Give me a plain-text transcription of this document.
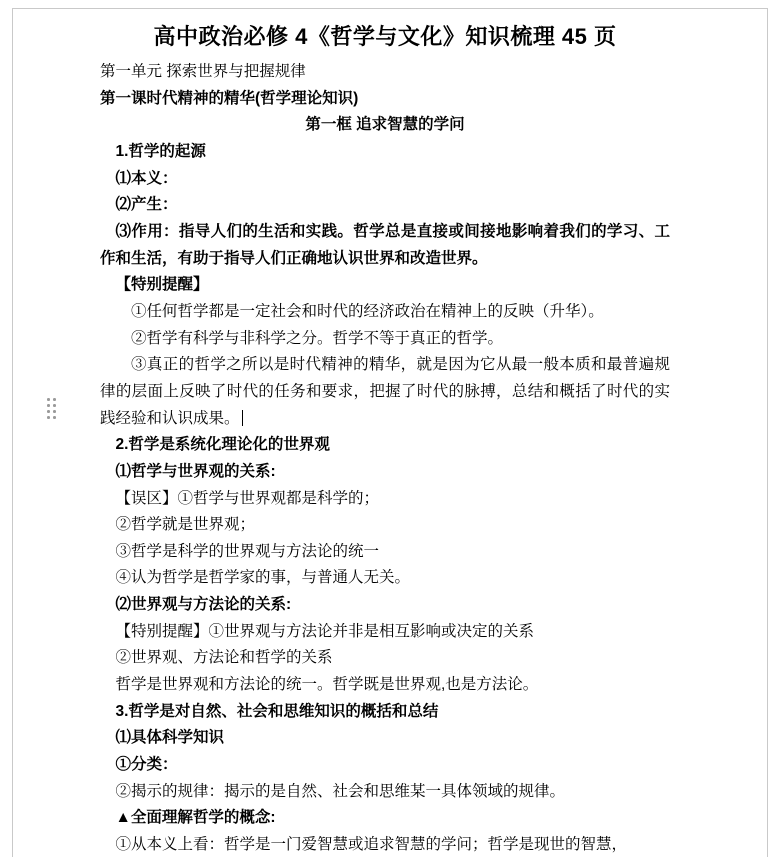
高中政治必修 4《哲学与文化》知识梳理 45 页

第一单元 探索世界与把握规律

第一课时代精神的精华(哲学理论知识)

第一框 追求智慧的学问

1.哲学的起源

⑴本义：

⑵产生：

⑶作用：指导人们的生活和实践。哲学总是直接或间接地影响着我们的学习、工作和生活，有助于指导人们正确地认识世界和改造世界。

【特别提醒】

①任何哲学都是一定社会和时代的经济政治在精神上的反映（升华）。

②哲学有科学与非科学之分。哲学不等于真正的哲学。

③真正的哲学之所以是时代精神的精华，就是因为它从最一般本质和最普遍规律的层面上反映了时代的任务和要求，把握了时代的脉搏，总结和概括了时代的实践经验和认识成果。

2.哲学是系统化理论化的世界观

⑴哲学与世界观的关系:

【误区】①哲学与世界观都是科学的；

②哲学就是世界观；

③哲学是科学的世界观与方法论的统一

④认为哲学是哲学家的事，与普通人无关。

⑵世界观与方法论的关系:

【特别提醒】①世界观与方法论并非是相互影响或决定的关系

②世界观、方法论和哲学的关系

哲学是世界观和方法论的统一。哲学既是世界观,也是方法论。

3.哲学是对自然、社会和思维知识的概括和总结

⑴具体科学知识

①分类：

②揭示的规律：揭示的是自然、社会和思维某一具体领域的规律。

▲全面理解哲学的概念:

①从本义上看：哲学是一门爱智慧或追求智慧的学问；哲学是现世的智慧，
